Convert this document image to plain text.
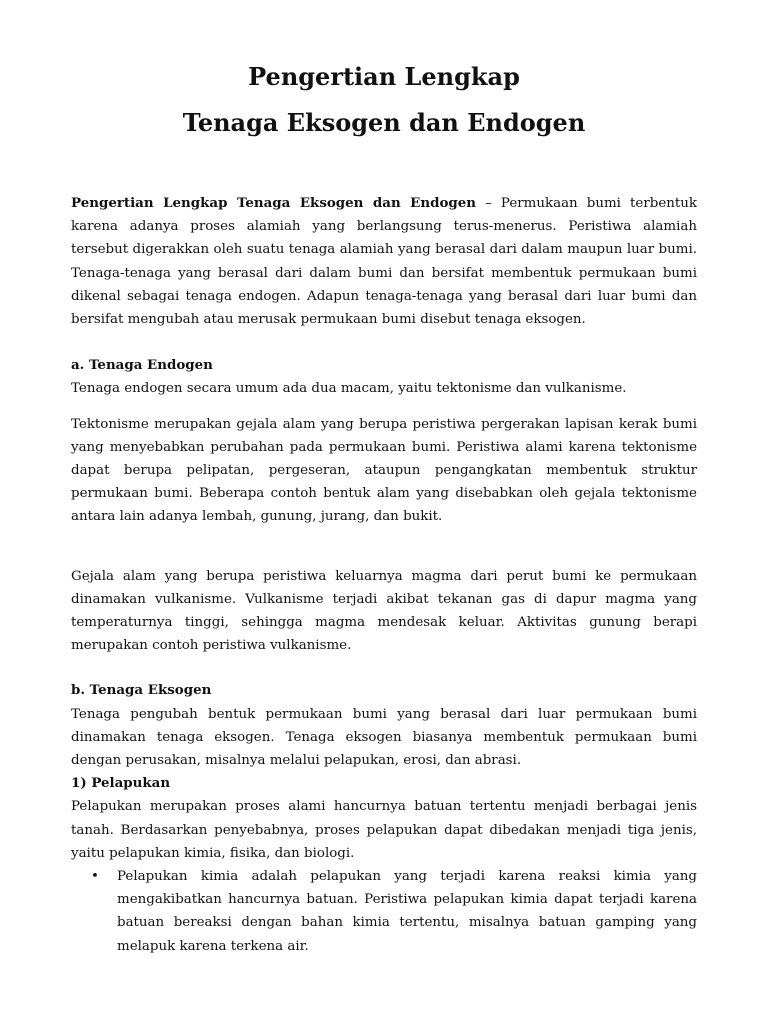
Pengertian Lengkap
Tenaga Eksogen dan Endogen

Pengertian Lengkap Tenaga Eksogen dan Endogen – Permukaan bumi terbentuk karena adanya proses alamiah yang berlangsung terus-menerus. Peristiwa alamiah tersebut digerakkan oleh suatu tenaga alamiah yang berasal dari dalam maupun luar bumi. Tenaga-tenaga yang berasal dari dalam bumi dan bersifat membentuk permukaan bumi dikenal sebagai tenaga endogen. Adapun tenaga-tenaga yang berasal dari luar bumi dan bersifat mengubah atau merusak permukaan bumi disebut tenaga eksogen.

a. Tenaga Endogen

Tenaga endogen secara umum ada dua macam, yaitu tektonisme dan vulkanisme.

Tektonisme merupakan gejala alam yang berupa peristiwa pergerakan lapisan kerak bumi yang menyebabkan perubahan pada permukaan bumi. Peristiwa alami karena tektonisme dapat berupa pelipatan, pergeseran, ataupun pengangkatan membentuk struktur permukaan bumi. Beberapa contoh bentuk alam yang disebabkan oleh gejala tektonisme antara lain adanya lembah, gunung, jurang, dan bukit.

Gejala alam yang berupa peristiwa keluarnya magma dari perut bumi ke permukaan dinamakan vulkanisme. Vulkanisme terjadi akibat tekanan gas di dapur magma yang temperaturnya tinggi, sehingga magma mendesak keluar. Aktivitas gunung berapi merupakan contoh peristiwa vulkanisme.

b. Tenaga Eksogen

Tenaga pengubah bentuk permukaan bumi yang berasal dari luar permukaan bumi dinamakan tenaga eksogen. Tenaga eksogen biasanya membentuk permukaan bumi dengan perusakan, misalnya melalui pelapukan, erosi, dan abrasi.

1) Pelapukan

Pelapukan merupakan proses alami hancurnya batuan tertentu menjadi berbagai jenis tanah. Berdasarkan penyebabnya, proses pelapukan dapat dibedakan menjadi tiga jenis, yaitu pelapukan kimia, fisika, dan biologi.

• Pelapukan kimia adalah pelapukan yang terjadi karena reaksi kimia yang mengakibatkan hancurnya batuan. Peristiwa pelapukan kimia dapat terjadi karena batuan bereaksi dengan bahan kimia tertentu, misalnya batuan gamping yang melapuk karena terkena air.
